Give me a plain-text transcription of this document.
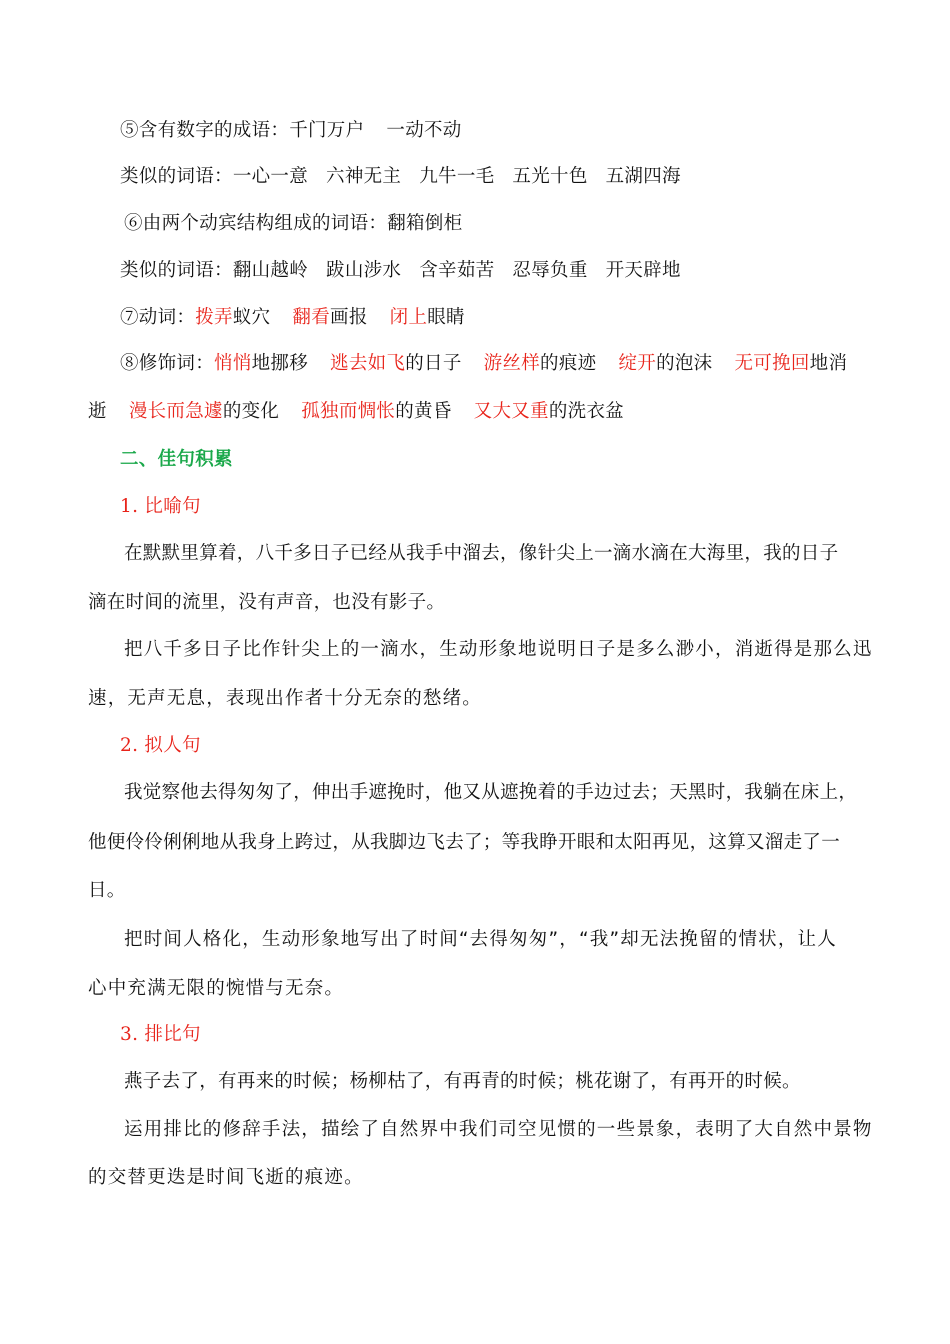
⑤含有数字的成语：千门万户 一动不动
类似的词语：一心一意 六神无主 九牛一毛 五光十色 五湖四海
⑥由两个动宾结构组成的词语：翻箱倒柜
类似的词语：翻山越岭 跋山涉水 含辛茹苦 忍辱负重 开天辟地
⑦动词：拨弄蚁穴 翻看画报 闭上眼睛
⑧修饰词：悄悄地挪移 逃去如飞的日子 游丝样的痕迹 绽开的泡沫 无可挽回地消
逝 漫长而急遽的变化 孤独而惆怅的黄昏 又大又重的洗衣盆
二、佳句积累
1. 比喻句
在默默里算着，八千多日子已经从我手中溜去，像针尖上一滴水滴在大海里，我的日子
滴在时间的流里，没有声音，也没有影子。
把八千多日子比作针尖上的一滴水，生动形象地说明日子是多么渺小，消逝得是那么迅
速，无声无息，表现出作者十分无奈的愁绪。
2. 拟人句
我觉察他去得匆匆了，伸出手遮挽时，他又从遮挽着的手边过去；天黑时，我躺在床上，
他便伶伶俐俐地从我身上跨过，从我脚边飞去了；等我睁开眼和太阳再见，这算又溜走了一
日。
把时间人格化，生动形象地写出了时间“去得匆匆”，“我”却无法挽留的情状，让人
心中充满无限的惋惜与无奈。
3. 排比句
燕子去了，有再来的时候；杨柳枯了，有再青的时候；桃花谢了，有再开的时候。
运用排比的修辞手法，描绘了自然界中我们司空见惯的一些景象，表明了大自然中景物
的交替更迭是时间飞逝的痕迹。
